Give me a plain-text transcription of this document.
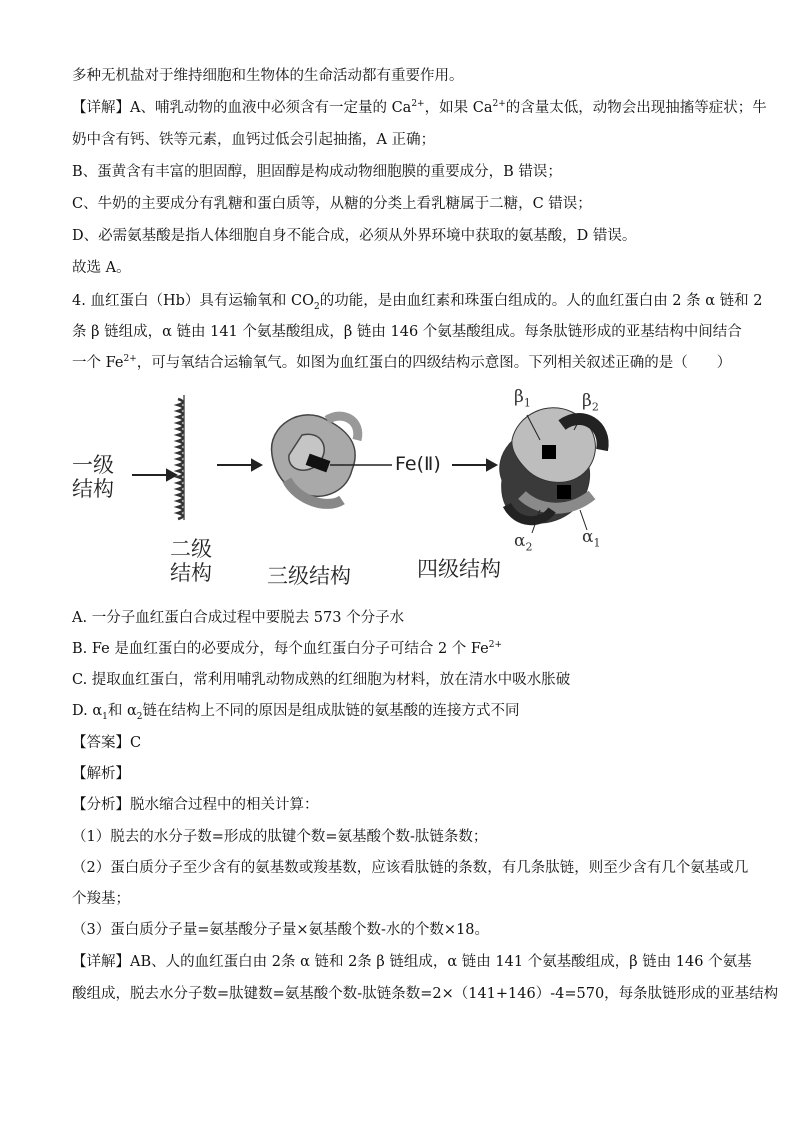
多种无机盐对于维持细胞和生物体的生命活动都有重要作用。
【详解】A、哺乳动物的血液中必须含有一定量的 $Ca^{2+}$，如果 $Ca^{2+}$的含量太低，动物会出现抽搐等症状；牛
奶中含有钙、铁等元素，血钙过低会引起抽搐，A 正确；
B、蛋黄含有丰富的胆固醇，胆固醇是构成动物细胞膜的重要成分，B 错误；
C、牛奶的主要成分有乳糖和蛋白质等，从糖的分类上看乳糖属于二糖，C 错误；
D、必需氨基酸是指人体细胞自身不能合成，必须从外界环境中获取的氨基酸，D 错误。
故选 A。
4. 血红蛋白（Hb）具有运输氧和 $CO_2$的功能，是由血红素和珠蛋白组成的。人的血红蛋白由 2 条 α 链和 2
条 β 链组成，α 链由 141 个氨基酸组成，β 链由 146 个氨基酸组成。每条肽链形成的亚基结构中间结合
一个 $Fe^{2+}$，可与氧结合运输氧气。如图为血红蛋白的四级结构示意图。下列相关叙述正确的是（　　）
一级
结构
二级
结构	三级结构	四级结构
Fe(Ⅱ)
$\beta_1$	$\beta_2$
$\alpha_2$	$\alpha_1$
A. 一分子血红蛋白合成过程中要脱去 573 个分子水
B. Fe 是血红蛋白的必要成分，每个血红蛋白分子可结合 2 个 $Fe^{2+}$
C. 提取血红蛋白，常利用哺乳动物成熟的红细胞为材料，放在清水中吸水胀破
D. $\alpha_1$和 $\alpha_2$链在结构上不同的原因是组成肽链的氨基酸的连接方式不同
【答案】C
【解析】
【分析】脱水缩合过程中的相关计算：
（1）脱去的水分子数=形成的肽键个数=氨基酸个数-肽链条数；
（2）蛋白质分子至少含有的氨基数或羧基数，应该看肽链的条数，有几条肽链，则至少含有几个氨基或几
个羧基；
（3）蛋白质分子量=氨基酸分子量×氨基酸个数-水的个数×18。
【详解】AB、人的血红蛋白由 2条 α 链和 2条 β 链组成，α 链由 141 个氨基酸组成，β 链由 146 个氨基
酸组成，脱去水分子数=肽键数=氨基酸个数-肽链条数=2×（141+146）-4=570，每条肽链形成的亚基结构
